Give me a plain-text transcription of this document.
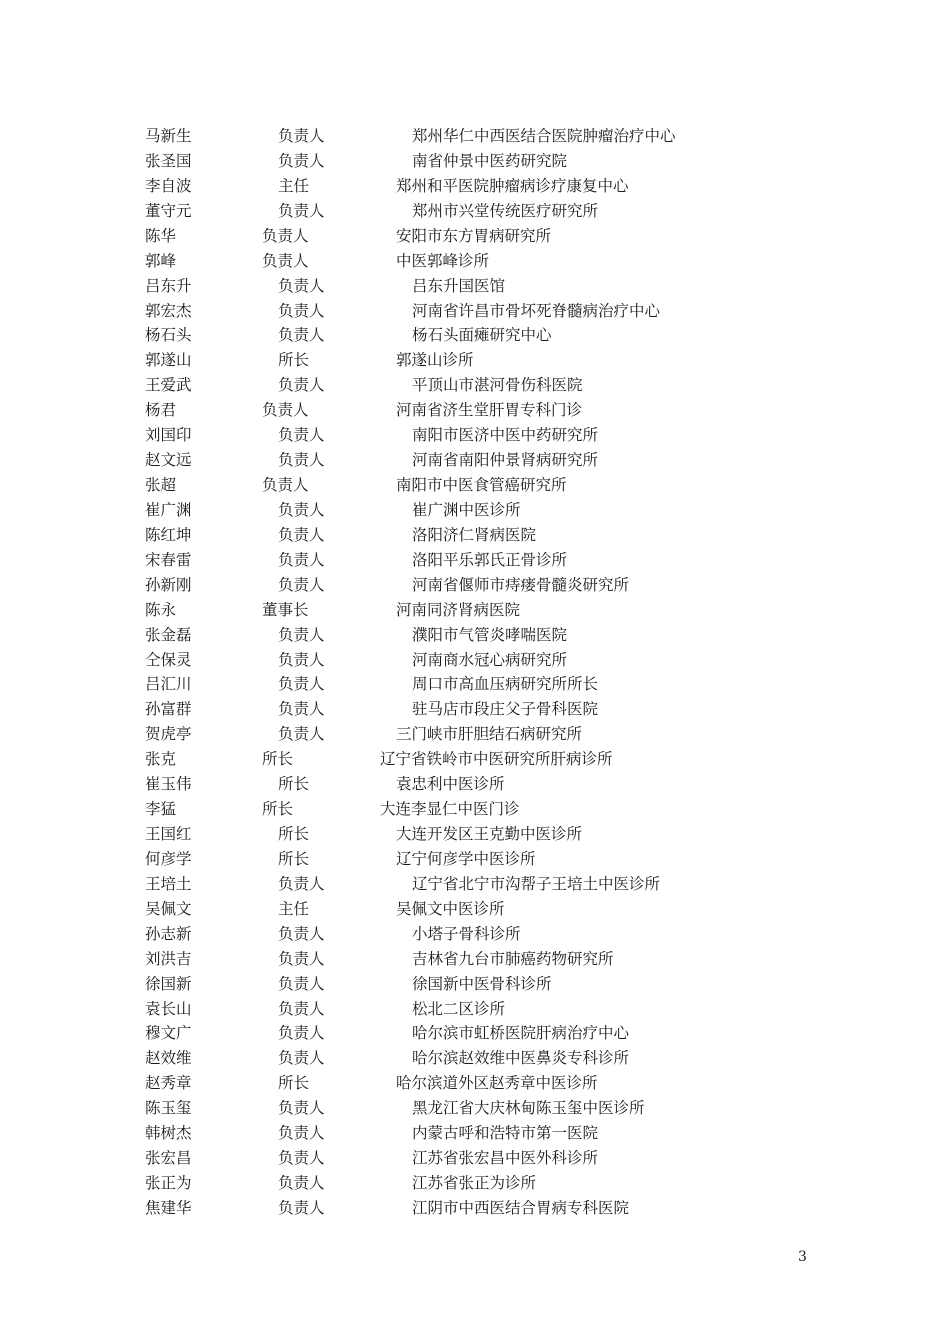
马新生	负责人	郑州华仁中西医结合医院肿瘤治疗中心
张圣国	负责人	南省仲景中医药研究院
李自波	主任	郑州和平医院肿瘤病诊疗康复中心
董守元	负责人	郑州市兴堂传统医疗研究所
陈华	负责人	安阳市东方胃病研究所
郭峰	负责人	中医郭峰诊所
吕东升	负责人	吕东升国医馆
郭宏杰	负责人	河南省许昌市骨坏死脊髓病治疗中心
杨石头	负责人	杨石头面瘫研究中心
郭遂山	所长	郭遂山诊所
王爱武	负责人	平顶山市湛河骨伤科医院
杨君	负责人	河南省济生堂肝胃专科门诊
刘国印	负责人	南阳市医济中医中药研究所
赵文远	负责人	河南省南阳仲景肾病研究所
张超	负责人	南阳市中医食管癌研究所
崔广渊	负责人	崔广渊中医诊所
陈红坤	负责人	洛阳济仁肾病医院
宋春雷	负责人	洛阳平乐郭氏正骨诊所
孙新刚	负责人	河南省偃师市痔瘘骨髓炎研究所
陈永	董事长	河南同济肾病医院
张金磊	负责人	濮阳市气管炎哮喘医院
仝保灵	负责人	河南商水冠心病研究所
吕汇川	负责人	周口市高血压病研究所所长
孙富群	负责人	驻马店市段庄父子骨科医院
贺虎亭	负责人	三门峡市肝胆结石病研究所
张克	所长	辽宁省铁岭市中医研究所肝病诊所
崔玉伟	所长	袁忠利中医诊所
李猛	所长	大连李显仁中医门诊
王国红	所长	大连开发区王克勤中医诊所
何彦学	所长	辽宁何彦学中医诊所
王培土	负责人	辽宁省北宁市沟帮子王培土中医诊所
吴佩文	主任	吴佩文中医诊所
孙志新	负责人	小塔子骨科诊所
刘洪吉	负责人	吉林省九台市肺癌药物研究所
徐国新	负责人	徐国新中医骨科诊所
袁长山	负责人	松北二区诊所
穆文广	负责人	哈尔滨市虹桥医院肝病治疗中心
赵效维	负责人	哈尔滨赵效维中医鼻炎专科诊所
赵秀章	所长	哈尔滨道外区赵秀章中医诊所
陈玉玺	负责人	黑龙江省大庆林甸陈玉玺中医诊所
韩树杰	负责人	内蒙古呼和浩特市第一医院
张宏昌	负责人	江苏省张宏昌中医外科诊所
张正为	负责人	江苏省张正为诊所
焦建华	负责人	江阴市中西医结合胃病专科医院
3
